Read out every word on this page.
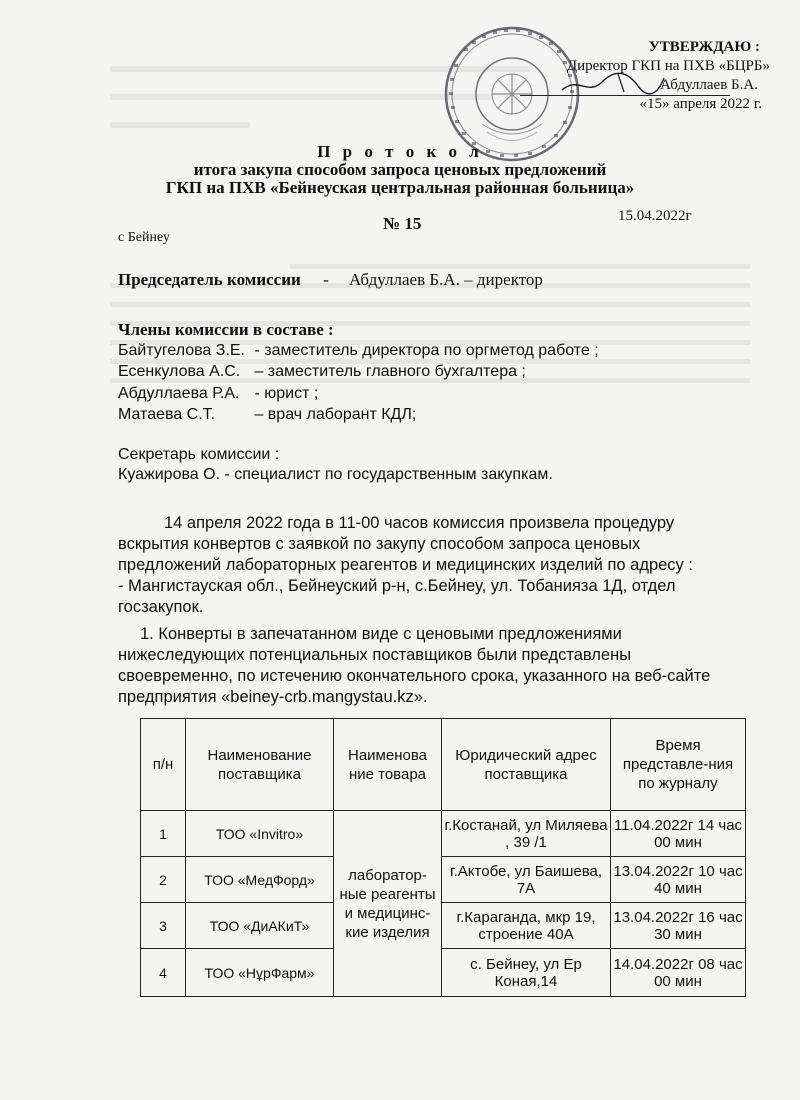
УТВЕРЖДАЮ :
Директор ГКП на ПХВ «БЦРБ»
Абдуллаев Б.А.
«15» апреля 2022 г.
П р о т о к о л
итога закупа способом запроса ценовых предложений
ГКП на ПХВ «Бейнеуская центральная районная больница»
с Бейнеу
№ 15	15.04.2022г
Председатель комиссии - Абдуллаев Б.А. – директор
Члены комиссии в составе :
Байтугелова З.Е. - заместитель директора по оргметод работе ;
Есенкулова А.С. – заместитель главного бухгалтера ;
Абдуллаева Р.А. - юрист ;
Матаева С.Т. – врач лаборант КДЛ;
Секретарь комиссии :
Куажирова О. - специалист по государственным закупкам.
14 апреля 2022 года в 11-00 часов комиссия произвела процедуру
вскрытия конвертов с заявкой по закупу способом запроса ценовых
предложений лабораторных реагентов и медицинских изделий по адресу :
- Мангистауская обл., Бейнеуский р-н, с.Бейнеу, ул. Тобанияза 1Д, отдел
госзакупок.
1. Конверты в запечатанном виде с ценовыми предложениями
нижеследующих потенциальных поставщиков были представлены
своевременно, по истечению окончательного срока, указанного на веб-сайте
предприятия «beiney-crb.mangystau.kz».
п/н	Наименование поставщика	Наименова ние товара	Юридический адрес поставщика	Время представле-ния по журналу
1	ТОО «Invitro»	лаборатор-ные реагенты и медицинс-кие изделия	г.Костанай, ул Миляева , 39 /1	11.04.2022г 14 час 00 мин
2	ТОО «МедФорд»		г.Актобе, ул Баишева, 7А	13.04.2022г 10 час 40 мин
3	ТОО «ДиАКиТ»		г.Караганда, мкр 19, строение 40А	13.04.2022г 16 час 30 мин
4	ТОО «НұрФарм»		с. Бейнеу, ул Ер Коная,14	14.04.2022г 08 час 00 мин
